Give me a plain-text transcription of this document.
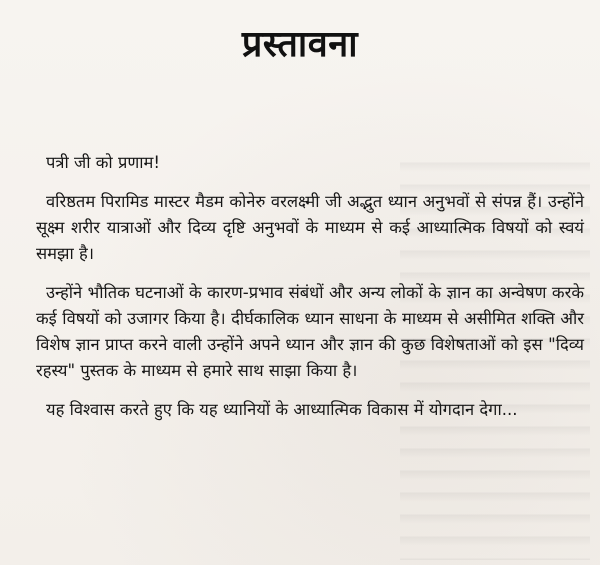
प्रस्तावना

पत्री जी को प्रणाम!

वरिष्ठतम पिरामिड मास्टर मैडम कोनेरु वरलक्ष्मी जी अद्भुत ध्यान अनुभवों से संपन्न हैं। उन्होंने सूक्ष्म शरीर यात्राओं और दिव्य दृष्टि अनुभवों के माध्यम से कई आध्यात्मिक विषयों को स्वयं समझा है।

उन्होंने भौतिक घटनाओं के कारण-प्रभाव संबंधों और अन्य लोकों के ज्ञान का अन्वेषण करके कई विषयों को उजागर किया है। दीर्घकालिक ध्यान साधना के माध्यम से असीमित शक्ति और विशेष ज्ञान प्राप्त करने वाली उन्होंने अपने ध्यान और ज्ञान की कुछ विशेषताओं को इस "दिव्य रहस्य" पुस्तक के माध्यम से हमारे साथ साझा किया है।

यह विश्वास करते हुए कि यह ध्यानियों के आध्यात्मिक विकास में योगदान देगा...
